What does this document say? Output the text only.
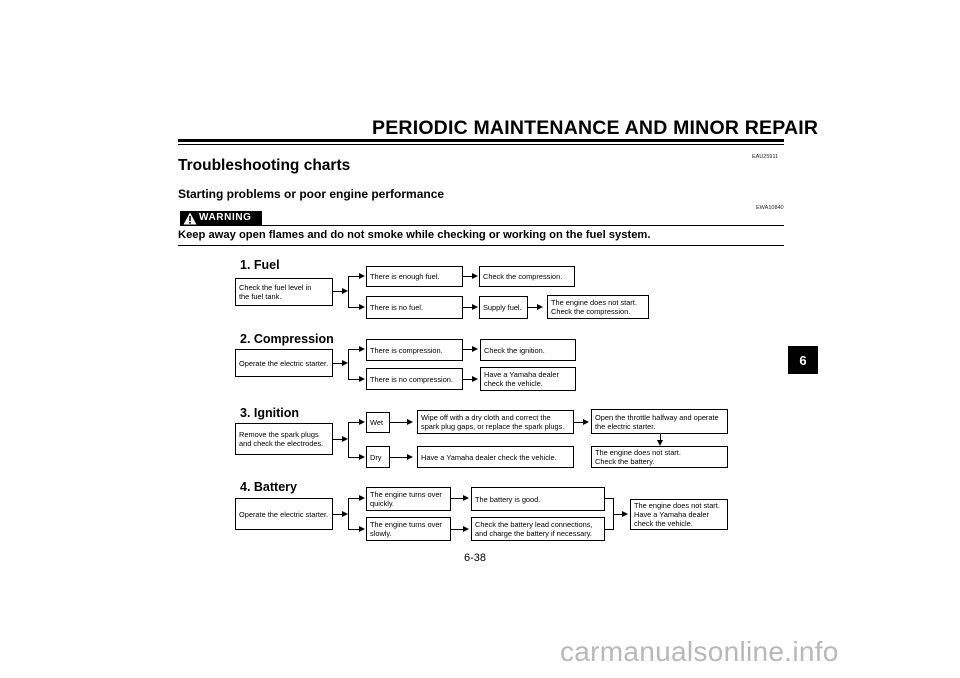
PERIODIC MAINTENANCE AND MINOR REPAIR
EAU25911
Troubleshooting charts
Starting problems or poor engine performance
EWA10840
WARNING
Keep away open flames and do not smoke while checking or working on the fuel system.
1. Fuel
Check the fuel level in
the fuel tank.
There is enough fuel.	Check the compression.
There is no fuel.	Supply fuel.
The engine does not start.
Check the compression.
2. Compression
Operate the electric starter.
There is compression.	Check the ignition.
There is no compression.	Have a Yamaha dealer
check the vehicle.
3. Ignition
Remove the spark plugs
and check the electrodes.
Wet
Wipe off with a dry cloth and correct the
spark plug gaps, or replace the spark plugs.
Open the throttle halfway and operate
the electric starter.
The engine does not start.
Check the battery.
Dry	Have a Yamaha dealer check the vehicle.
4. Battery
Operate the electric starter.
The engine turns over
quickly.	The battery is good.
The engine turns over
slowly.
Check the battery lead connections,
and charge the battery if necessary.
The engine does not start.
Have a Yamaha dealer
check the vehicle.
6
6-38
carmanualsonline.info
